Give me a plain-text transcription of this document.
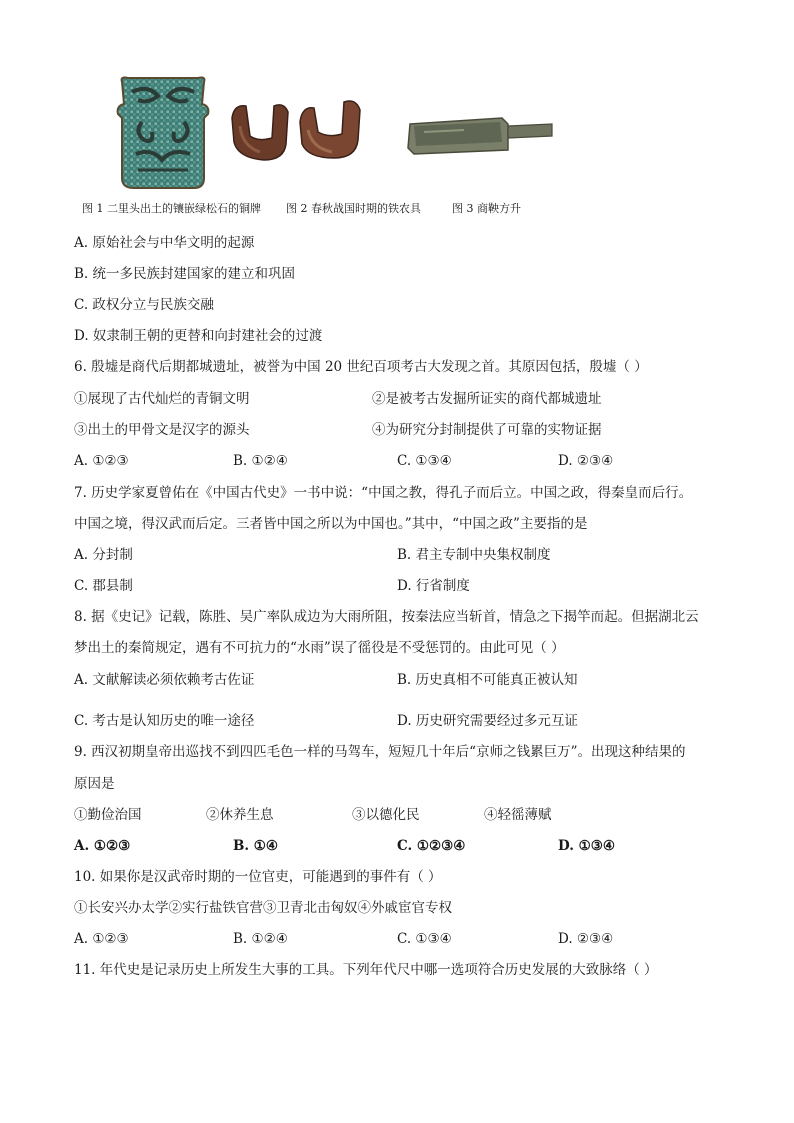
图 1 二里头出土的镶嵌绿松石的铜牌 图 2 春秋战国时期的铁农具	图 3 商鞅方升
A. 原始社会与中华文明的起源
B. 统一多民族封建国家的建立和巩固
C. 政权分立与民族交融
D. 奴隶制王朝的更替和向封建社会的过渡
6. 殷墟是商代后期都城遗址，被誉为中国 20 世纪百项考古大发现之首。其原因包括，殷墟（ ）
①展现了古代灿烂的青铜文明	②是被考古发掘所证实的商代都城遗址
③出土的甲骨文是汉字的源头	④为研究分封制提供了可靠的实物证据
A. ①②③	B. ①②④	C. ①③④	D. ②③④
7. 历史学家夏曾佑在《中国古代史》一书中说：“中国之教，得孔子而后立。中国之政，得秦皇而后行。
中国之境，得汉武而后定。三者皆中国之所以为中国也。”其中，“中国之政”主要指的是
A. 分封制	B. 君主专制中央集权制度
C. 郡县制	D. 行省制度
8. 据《史记》记载，陈胜、吴广率队成边为大雨所阻，按秦法应当斩首，情急之下揭竿而起。但据湖北云
梦出土的秦简规定，遇有不可抗力的“水雨”误了徭役是不受惩罚的。由此可见（ ）
A. 文献解读必须依赖考古佐证	B. 历史真相不可能真正被认知
C. 考古是认知历史的唯一途径	D. 历史研究需要经过多元互证
9. 西汉初期皇帝出巡找不到四匹毛色一样的马驾车，短短几十年后“京师之钱累巨万”。出现这种结果的
原因是
①勤俭治国	②休养生息	③以德化民	④轻徭薄赋
A. ①②③	B. ①④	C. ①②③④	D. ①③④
10. 如果你是汉武帝时期的一位官吏，可能遇到的事件有（ ）
①长安兴办太学②实行盐铁官营③卫青北击匈奴④外戚宦官专权
A. ①②③	B. ①②④	C. ①③④	D. ②③④
11. 年代史是记录历史上所发生大事的工具。下列年代尺中哪一选项符合历史发展的大致脉络（ ）
